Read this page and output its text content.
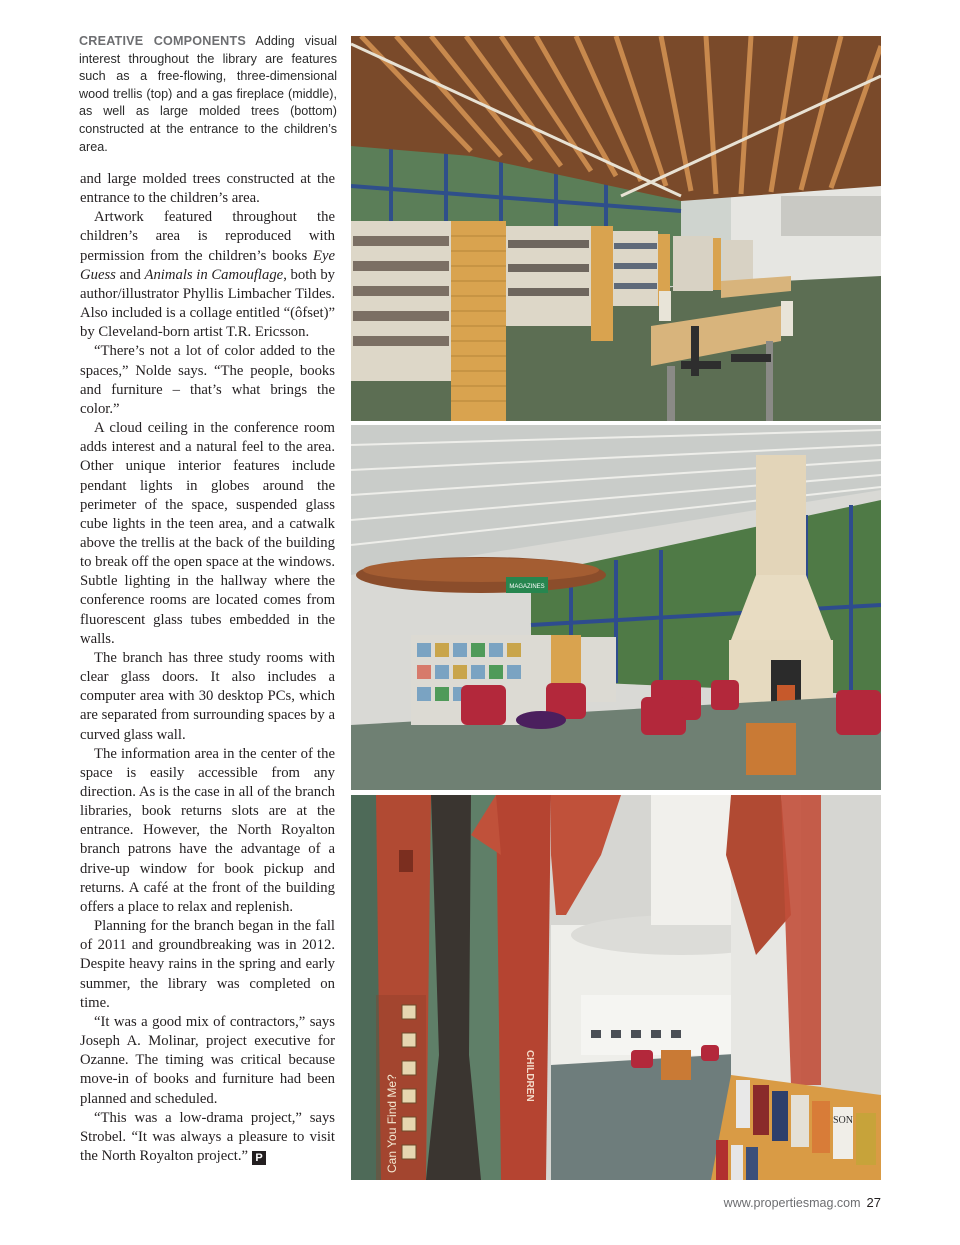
CREATIVE COMPONENTS Adding visual interest throughout the library are features such as a free-flowing, three-dimensional wood trellis (top) and a gas fireplace (middle), as well as large molded trees (bottom) constructed at the entrance to the children’s area.

and large molded trees constructed at the entrance to the children’s area.

Artwork featured throughout the children’s area is reproduced with permission from the children’s books Eye Guess and Animals in Camouflage, both by author/illustrator Phyllis Limbacher Tildes. Also included is a collage entitled “(ôfset)” by Cleveland-born artist T.R. Ericsson.

“There’s not a lot of color added to the spaces,” Nolde says. “The people, books and furniture – that’s what brings the color.”

A cloud ceiling in the conference room adds interest and a natural feel to the area. Other unique interior features include pendant lights in globes around the perimeter of the space, suspended glass cube lights in the teen area, and a catwalk above the trellis at the back of the building to break off the open space at the windows. Subtle lighting in the hallway where the conference rooms are located comes from fluorescent glass tubes embedded in the walls.

The branch has three study rooms with clear glass doors. It also includes a computer area with 30 desktop PCs, which are separated from surrounding spaces by a curved glass wall.

The information area in the center of the space is easily accessible from any direction. As is the case in all of the branch libraries, book returns slots are at the entrance. However, the North Royalton branch patrons have the advantage of a drive-up window for book pickup and returns. A café at the front of the building offers a place to relax and replenish.

Planning for the branch began in the fall of 2011 and groundbreaking was in 2012. Despite heavy rains in the spring and early summer, the library was completed on time.

“It was a good mix of contractors,” says Joseph A. Molinar, project executive for Ozanne. The timing was critical because move-in of books and furniture had been planned and scheduled.

“This was a low-drama project,” says Strobel. “It was always a pleasure to visit the North Royalton project.” P

MAGAZINES
Can You Find Me?	CHILDREN
SON
www.propertiesmag.com 27
